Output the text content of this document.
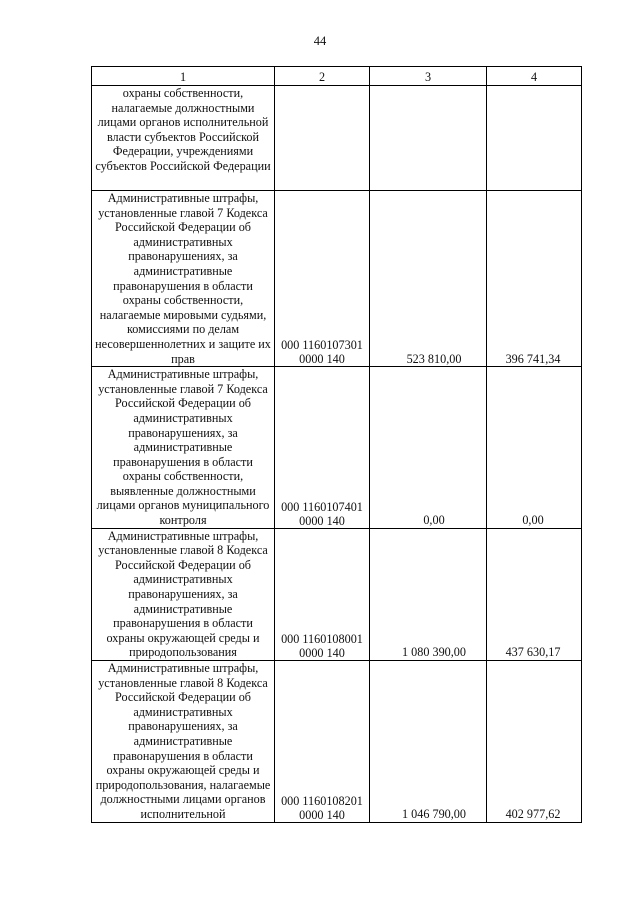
44
1	2	3	4
охраны собственности, налагаемые должностными лицами органов исполнительной власти субъектов Российской Федерации, учреждениями субъектов Российской Федерации			
Административные штрафы, установленные главой 7 Кодекса Российской Федерации об административных правонарушениях, за административные правонарушения в области охраны собственности, налагаемые мировыми судьями, комиссиями по делам несовершеннолетних и защите их прав	000 1160107301
0000 140	523 810,00	396 741,34

Административные штрафы, установленные главой 7 Кодекса Российской Федерации об административных правонарушениях, за административные правонарушения в области охраны собственности, выявленные должностными лицами органов муниципального контроля	000 1160107401
0000 140	0,00	0,00

Административные штрафы, установленные главой 8 Кодекса Российской Федерации об административных правонарушениях, за административные правонарушения в области охраны окружающей среды и природопользования	000 1160108001
0000 140	1 080 390,00	437 630,17

Административные штрафы, установленные главой 8 Кодекса Российской Федерации об административных правонарушениях, за административные правонарушения в области охраны окружающей среды и природопользования, налагаемые должностными лицами органов исполнительной	000 1160108201
0000 140	1 046 790,00	402 977,62
